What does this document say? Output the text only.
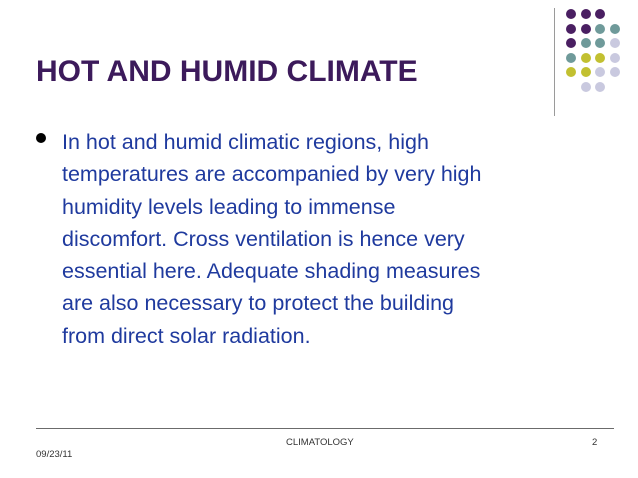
HOT AND HUMID CLIMATE
In hot and humid climatic regions, high
temperatures are accompanied by very high
humidity levels leading to immense
discomfort. Cross ventilation is hence very
essential here. Adequate shading measures
are also necessary to protect the building
from direct solar radiation.
09/23/11
CLIMATOLOGY	2
